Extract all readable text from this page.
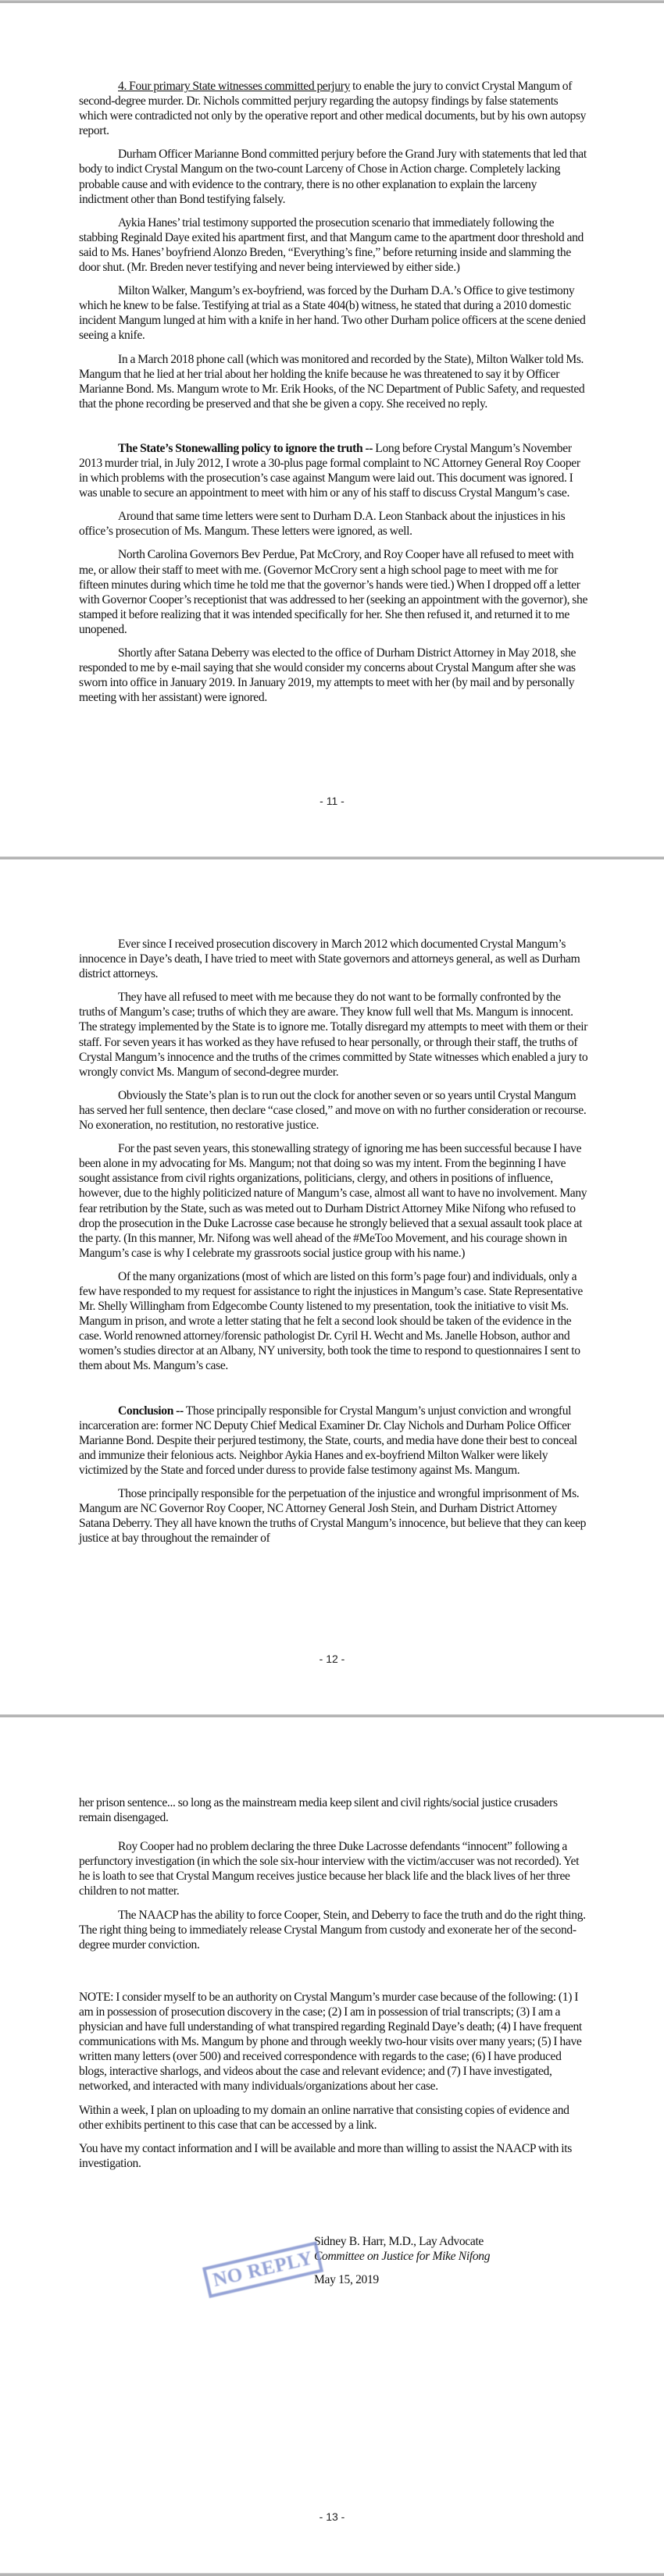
4. Four primary State witnesses committed perjury to enable the jury to convict Crystal Mangum of second-degree murder. Dr. Nichols committed perjury regarding the autopsy findings by false statements which were contradicted not only by the operative report and other medical documents, but by his own autopsy report.

Durham Officer Marianne Bond committed perjury before the Grand Jury with statements that led that body to indict Crystal Mangum on the two-count Larceny of Chose in Action charge. Completely lacking probable cause and with evidence to the contrary, there is no other explanation to explain the larceny indictment other than Bond testifying falsely.

Aykia Hanes’ trial testimony supported the prosecution scenario that immediately following the stabbing Reginald Daye exited his apartment first, and that Mangum came to the apartment door threshold and said to Ms. Hanes’ boyfriend Alonzo Breden, “Everything’s fine,” before returning inside and slamming the door shut. (Mr. Breden never testifying and never being interviewed by either side.)

Milton Walker, Mangum’s ex-boyfriend, was forced by the Durham D.A.’s Office to give testimony which he knew to be false. Testifying at trial as a State 404(b) witness, he stated that during a 2010 domestic incident Mangum lunged at him with a knife in her hand. Two other Durham police officers at the scene denied seeing a knife.

In a March 2018 phone call (which was monitored and recorded by the State), Milton Walker told Ms. Mangum that he lied at her trial about her holding the knife because he was threatened to say it by Officer Marianne Bond. Ms. Mangum wrote to Mr. Erik Hooks, of the NC Department of Public Safety, and requested that the phone recording be preserved and that she be given a copy. She received no reply.

The State’s Stonewalling policy to ignore the truth -- Long before Crystal Mangum’s November 2013 murder trial, in July 2012, I wrote a 30-plus page formal complaint to NC Attorney General Roy Cooper in which problems with the prosecution’s case against Mangum were laid out. This document was ignored. I was unable to secure an appointment to meet with him or any of his staff to discuss Crystal Mangum’s case.

Around that same time letters were sent to Durham D.A. Leon Stanback about the injustices in his office’s prosecution of Ms. Mangum. These letters were ignored, as well.

North Carolina Governors Bev Perdue, Pat McCrory, and Roy Cooper have all refused to meet with me, or allow their staff to meet with me. (Governor McCrory sent a high school page to meet with me for fifteen minutes during which time he told me that the governor’s hands were tied.) When I dropped off a letter with Governor Cooper’s receptionist that was addressed to her (seeking an appointment with the governor), she stamped it before realizing that it was intended specifically for her. She then refused it, and returned it to me unopened.

Shortly after Satana Deberry was elected to the office of Durham District Attorney in May 2018, she responded to me by e-mail saying that she would consider my concerns about Crystal Mangum after she was sworn into office in January 2019. In January 2019, my attempts to meet with her (by mail and by personally meeting with her assistant) were ignored.

- 11 -

Ever since I received prosecution discovery in March 2012 which documented Crystal Mangum’s innocence in Daye’s death, I have tried to meet with State governors and attorneys general, as well as Durham district attorneys.

They have all refused to meet with me because they do not want to be formally confronted by the truths of Mangum’s case; truths of which they are aware. They know full well that Ms. Mangum is innocent. The strategy implemented by the State is to ignore me. Totally disregard my attempts to meet with them or their staff. For seven years it has worked as they have refused to hear personally, or through their staff, the truths of Crystal Mangum’s innocence and the truths of the crimes committed by State witnesses which enabled a jury to wrongly convict Ms. Mangum of second-degree murder.

Obviously the State’s plan is to run out the clock for another seven or so years until Crystal Mangum has served her full sentence, then declare “case closed,” and move on with no further consideration or recourse. No exoneration, no restitution, no restorative justice.

For the past seven years, this stonewalling strategy of ignoring me has been successful because I have been alone in my advocating for Ms. Mangum; not that doing so was my intent. From the beginning I have sought assistance from civil rights organizations, politicians, clergy, and others in positions of influence, however, due to the highly politicized nature of Mangum’s case, almost all want to have no involvement. Many fear retribution by the State, such as was meted out to Durham District Attorney Mike Nifong who refused to drop the prosecution in the Duke Lacrosse case because he strongly believed that a sexual assault took place at the party. (In this manner, Mr. Nifong was well ahead of the #MeToo Movement, and his courage shown in Mangum’s case is why I celebrate my grassroots social justice group with his name.)

Of the many organizations (most of which are listed on this form’s page four) and individuals, only a few have responded to my request for assistance to right the injustices in Mangum’s case. State Representative Mr. Shelly Willingham from Edgecombe County listened to my presentation, took the initiative to visit Ms. Mangum in prison, and wrote a letter stating that he felt a second look should be taken of the evidence in the case. World renowned attorney/forensic pathologist Dr. Cyril H. Wecht and Ms. Janelle Hobson, author and women’s studies director at an Albany, NY university, both took the time to respond to questionnaires I sent to them about Ms. Mangum’s case.

Conclusion -- Those principally responsible for Crystal Mangum’s unjust conviction and wrongful incarceration are: former NC Deputy Chief Medical Examiner Dr. Clay Nichols and Durham Police Officer Marianne Bond. Despite their perjured testimony, the State, courts, and media have done their best to conceal and immunize their felonious acts. Neighbor Aykia Hanes and ex-boyfriend Milton Walker were likely victimized by the State and forced under duress to provide false testimony against Ms. Mangum.

Those principally responsible for the perpetuation of the injustice and wrongful imprisonment of Ms. Mangum are NC Governor Roy Cooper, NC Attorney General Josh Stein, and Durham District Attorney Satana Deberry. They all have known the truths of Crystal Mangum’s innocence, but believe that they can keep justice at bay throughout the remainder of

- 12 -

her prison sentence... so long as the mainstream media keep silent and civil rights/social justice crusaders remain disengaged.

Roy Cooper had no problem declaring the three Duke Lacrosse defendants “innocent” following a perfunctory investigation (in which the sole six-hour interview with the victim/accuser was not recorded). Yet he is loath to see that Crystal Mangum receives justice because her black life and the black lives of her three children to not matter.

The NAACP has the ability to force Cooper, Stein, and Deberry to face the truth and do the right thing. The right thing being to immediately release Crystal Mangum from custody and exonerate her of the second-degree murder conviction.

NOTE: I consider myself to be an authority on Crystal Mangum’s murder case because of the following: (1) I am in possession of prosecution discovery in the case; (2) I am in possession of trial transcripts; (3) I am a physician and have full understanding of what transpired regarding Reginald Daye’s death; (4) I have frequent communications with Ms. Mangum by phone and through weekly two-hour visits over many years; (5) I have written many letters (over 500) and received correspondence with regards to the case; (6) I have produced blogs, interactive sharlogs, and videos about the case and relevant evidence; and (7) I have investigated, networked, and interacted with many individuals/organizations about her case.

Within a week, I plan on uploading to my domain an online narrative that consisting copies of evidence and other exhibits pertinent to this case that can be accessed by a link.

You have my contact information and I will be available and more than willing to assist the NAACP with its investigation.

Sidney B. Harr, M.D., Lay Advocate
Committee on Justice for Mike Nifong
May 15, 2019
NO REPLY
- 13 -
